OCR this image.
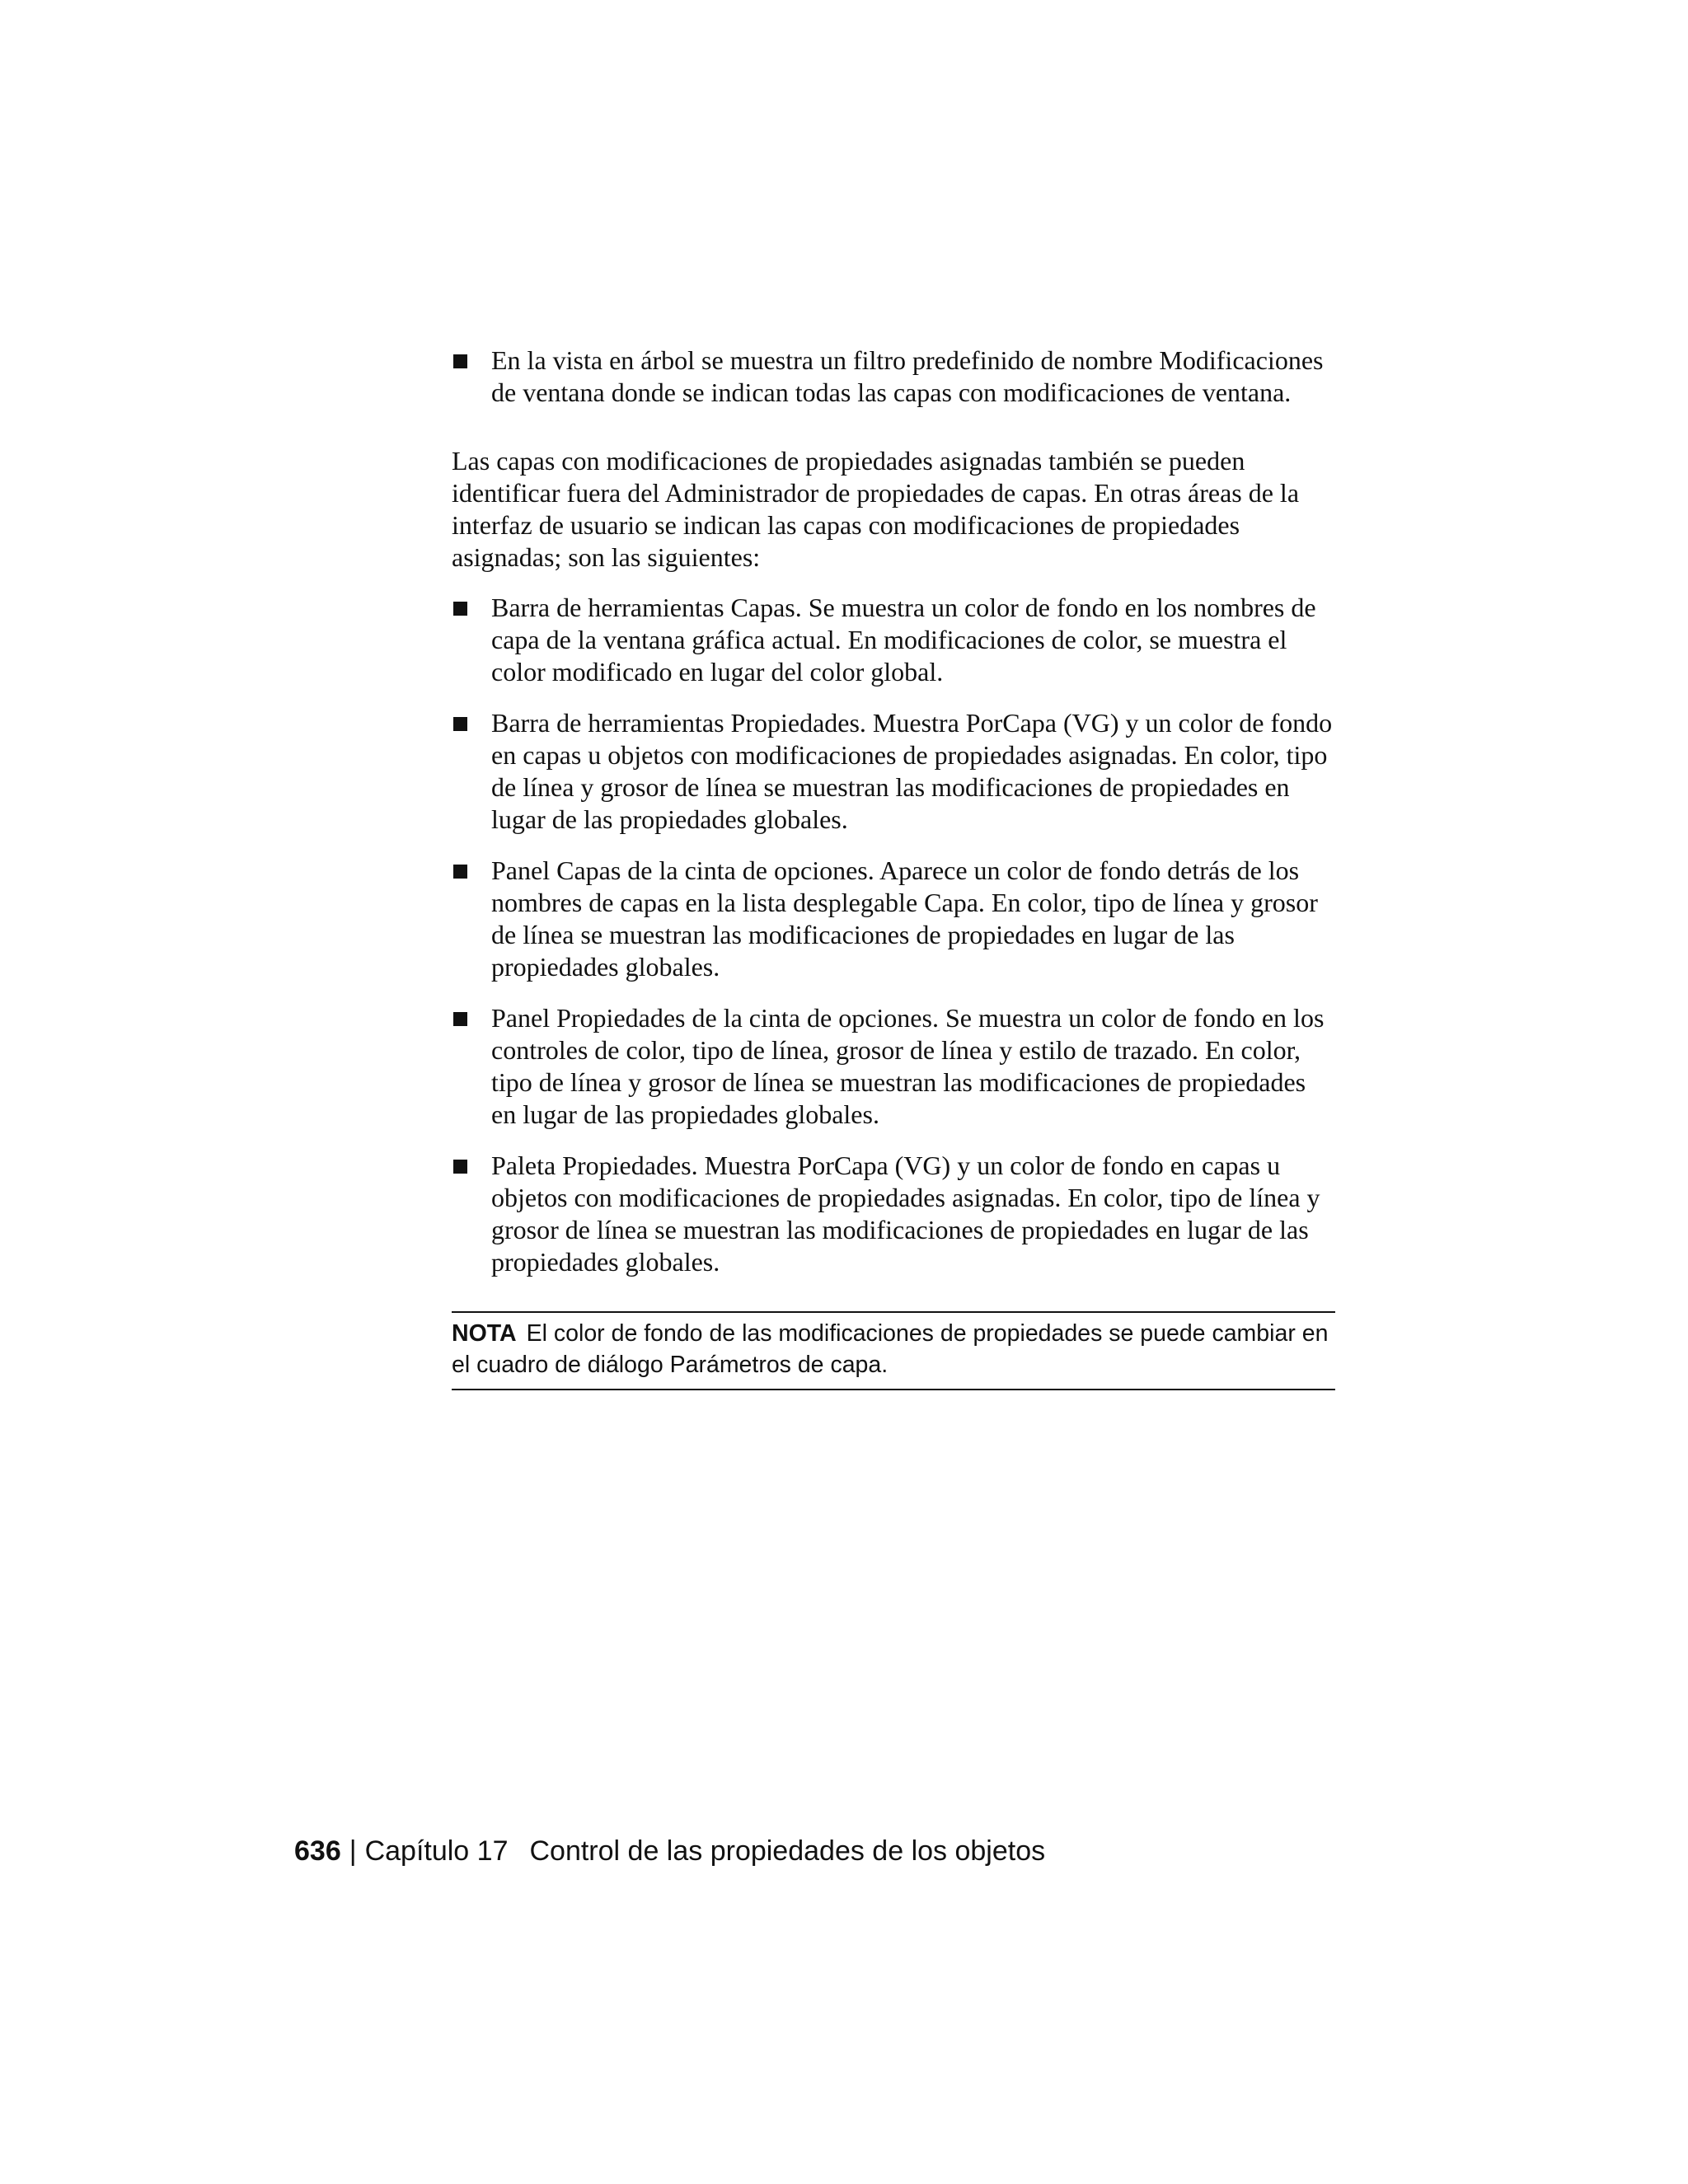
En la vista en árbol se muestra un filtro predefinido de nombre Modificaciones de ventana donde se indican todas las capas con modificaciones de ventana.

Las capas con modificaciones de propiedades asignadas también se pueden identificar fuera del Administrador de propiedades de capas. En otras áreas de la interfaz de usuario se indican las capas con modificaciones de propiedades asignadas; son las siguientes:

Barra de herramientas Capas. Se muestra un color de fondo en los nombres de capa de la ventana gráfica actual. En modificaciones de color, se muestra el color modificado en lugar del color global.

Barra de herramientas Propiedades. Muestra PorCapa (VG) y un color de fondo en capas u objetos con modificaciones de propiedades asignadas. En color, tipo de línea y grosor de línea se muestran las modificaciones de propiedades en lugar de las propiedades globales.

Panel Capas de la cinta de opciones. Aparece un color de fondo detrás de los nombres de capas en la lista desplegable Capa. En color, tipo de línea y grosor de línea se muestran las modificaciones de propiedades en lugar de las propiedades globales.

Panel Propiedades de la cinta de opciones. Se muestra un color de fondo en los controles de color, tipo de línea, grosor de línea y estilo de trazado. En color, tipo de línea y grosor de línea se muestran las modificaciones de propiedades en lugar de las propiedades globales.

Paleta Propiedades. Muestra PorCapa (VG) y un color de fondo en capas u objetos con modificaciones de propiedades asignadas. En color, tipo de línea y grosor de línea se muestran las modificaciones de propiedades en lugar de las propiedades globales.

NOTA El color de fondo de las modificaciones de propiedades se puede cambiar en el cuadro de diálogo Parámetros de capa.
636 | Capítulo 17 Control de las propiedades de los objetos
